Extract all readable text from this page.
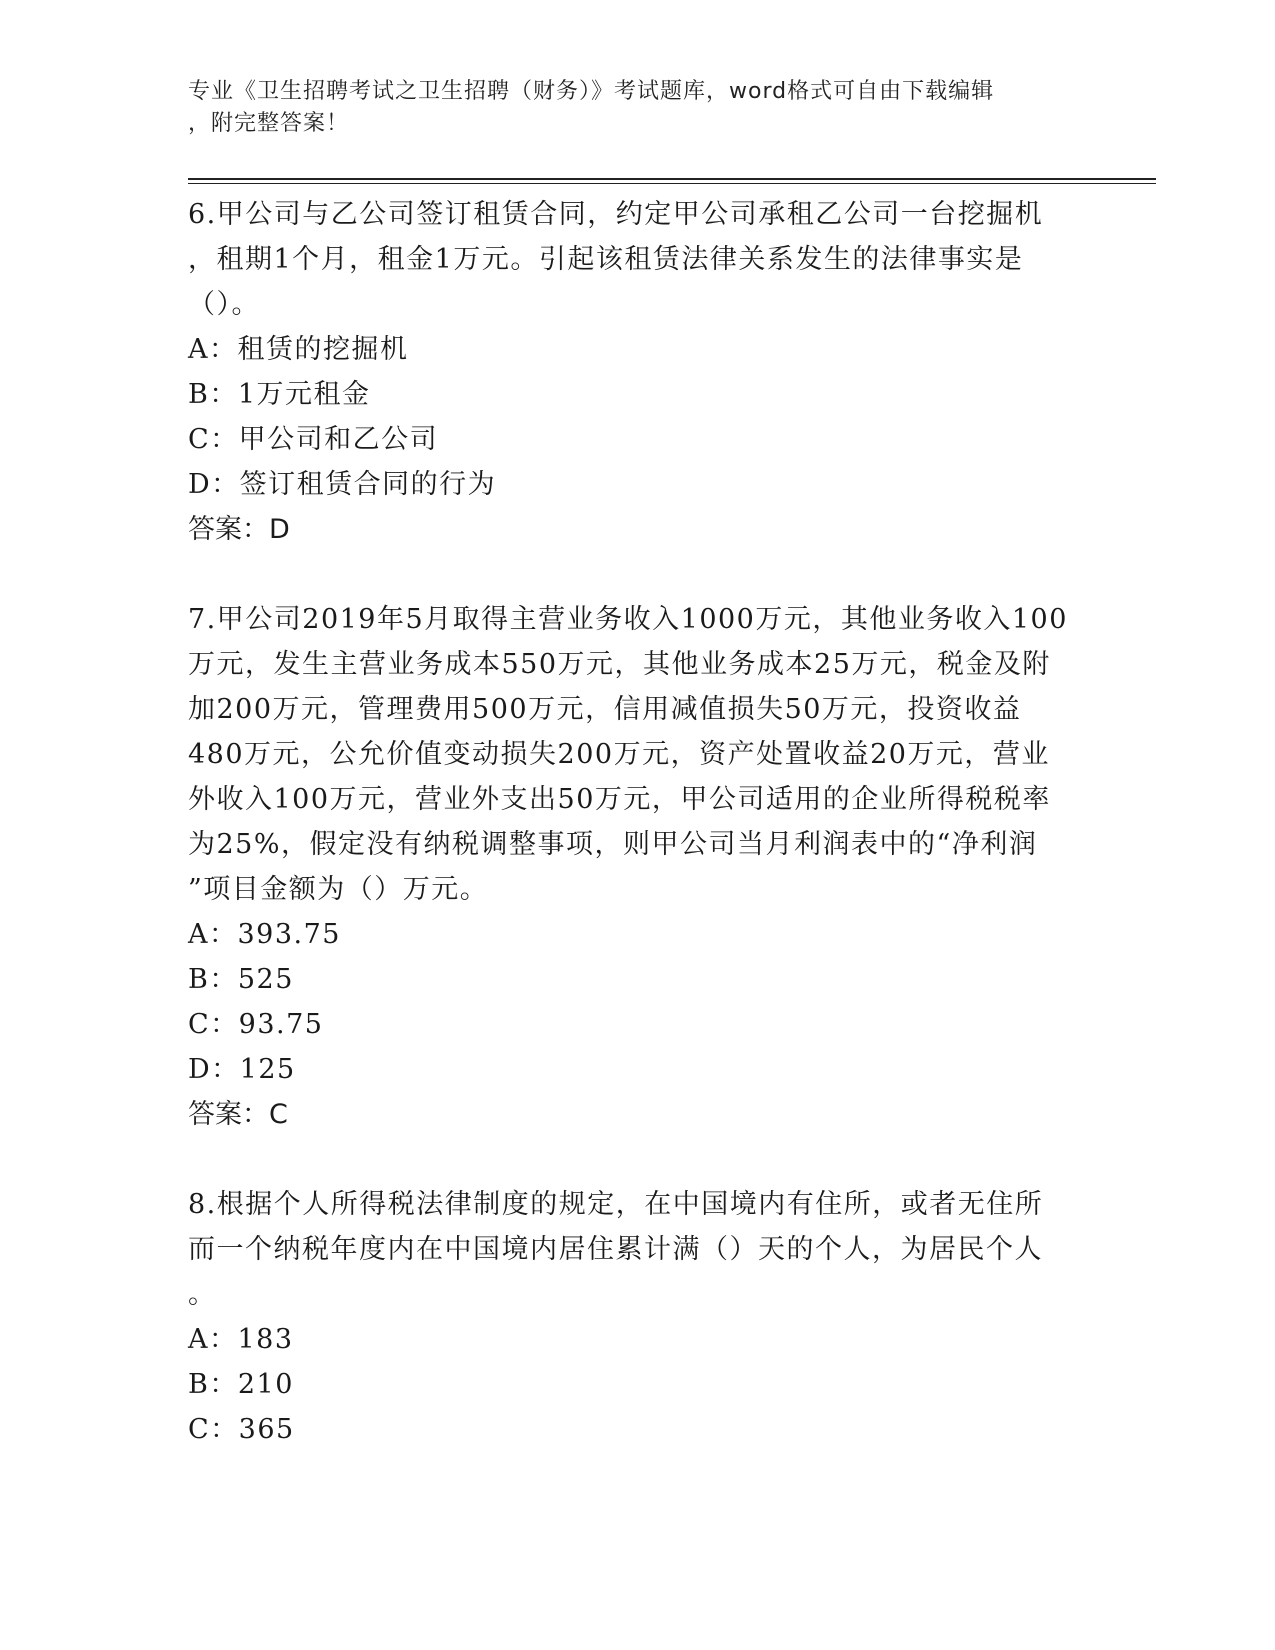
专业《卫生招聘考试之卫生招聘（财务）》考试题库，word格式可自由下载编辑
，附完整答案！
6.甲公司与乙公司签订租赁合同，约定甲公司承租乙公司一台挖掘机
，租期1个月，租金1万元。引起该租赁法律关系发生的法律事实是
（）。
A：租赁的挖掘机
B：1万元租金
C：甲公司和乙公司
D：签订租赁合同的行为
答案：D
7.甲公司2019年5月取得主营业务收入1000万元，其他业务收入100
万元，发生主营业务成本550万元，其他业务成本25万元，税金及附
加200万元，管理费用500万元，信用减值损失50万元，投资收益
480万元，公允价值变动损失200万元，资产处置收益20万元，营业
外收入100万元，营业外支出50万元，甲公司适用的企业所得税税率
为25%，假定没有纳税调整事项，则甲公司当月利润表中的“净利润
”项目金额为（）万元。
A：393.75
B：525
C：93.75
D：125
答案：C
8.根据个人所得税法律制度的规定，在中国境内有住所，或者无住所
而一个纳税年度内在中国境内居住累计满（）天的个人，为居民个人
。
A：183
B：210
C：365
